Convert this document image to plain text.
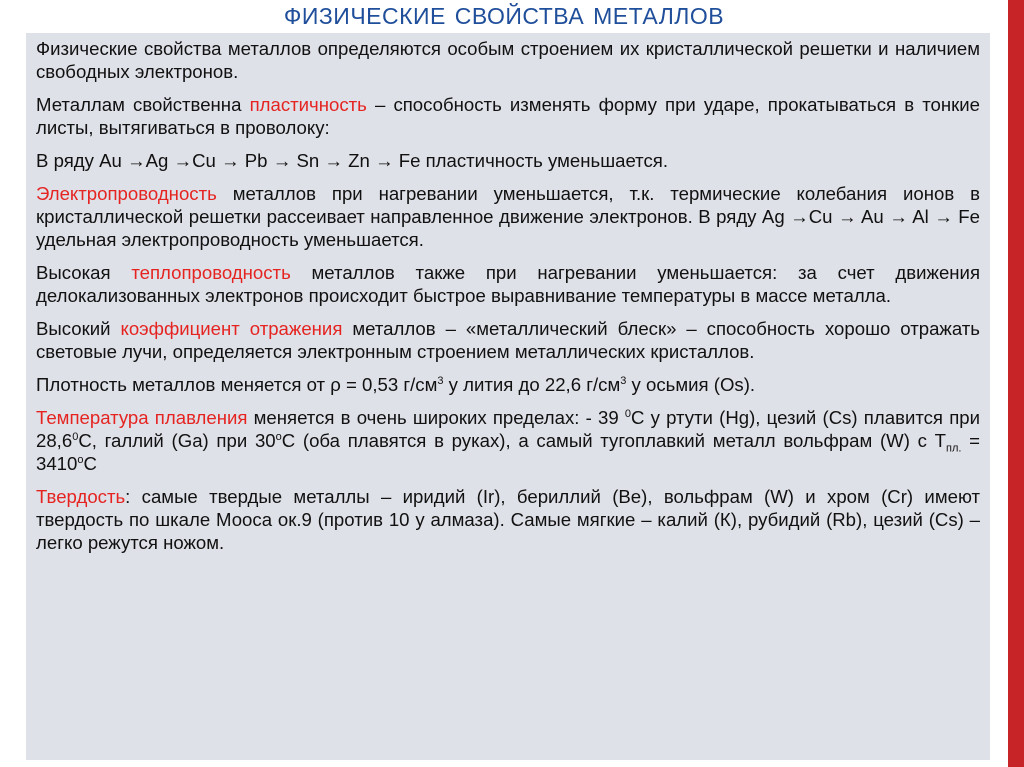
ФИЗИЧЕСКИЕ СВОЙСТВА МЕТАЛЛОВ

Физические свойства металлов определяются особым строением их кристаллической решетки и наличием свободных электронов.

Металлам свойственна пластичность – способность изменять форму при ударе, прокатываться в тонкие листы, вытягиваться в проволоку:

В ряду Au →Ag →Cu → Pb → Sn → Zn → Fe пластичность уменьшается.

Электропроводность металлов при нагревании уменьшается, т.к. термические колебания ионов в кристаллической решетки рассеивает направленное движение электронов. В ряду Ag →Cu → Au → Al → Fe удельная электропроводность уменьшается.

Высокая теплопроводность металлов также при нагревании уменьшается: за счет движения делокализованных электронов происходит быстрое выравнивание температуры в массе металла.

Высокий коэффициент отражения металлов – «металлический блеск» – способность хорошо отражать световые лучи, определяется электронным строением металлических кристаллов.

Плотность металлов меняется от ρ = 0,53 $г/см^3$ у лития до 22,6 $г/см^3$ у осьмия (Os).

Температура плавления меняется в очень широких пределах: - 39 $^0$С у ртути (Hg), цезий (Cs) плавится при 28,6$^0$С, галлий (Ga) при $30^оС$ (оба плавятся в руках), а самый тугоплавкий металл вольфрам (W) с $Т_{пл.} = 3410^оС$

Твердость: самые твердые металлы – иридий (Ir), бериллий (Be), вольфрам (W) и хром (Cr) имеют твердость по шкале Мооса ок.9 (против 10 у алмаза). Самые мягкие – калий (К), рубидий (Rb), цезий (Cs) – легко режутся ножом.
